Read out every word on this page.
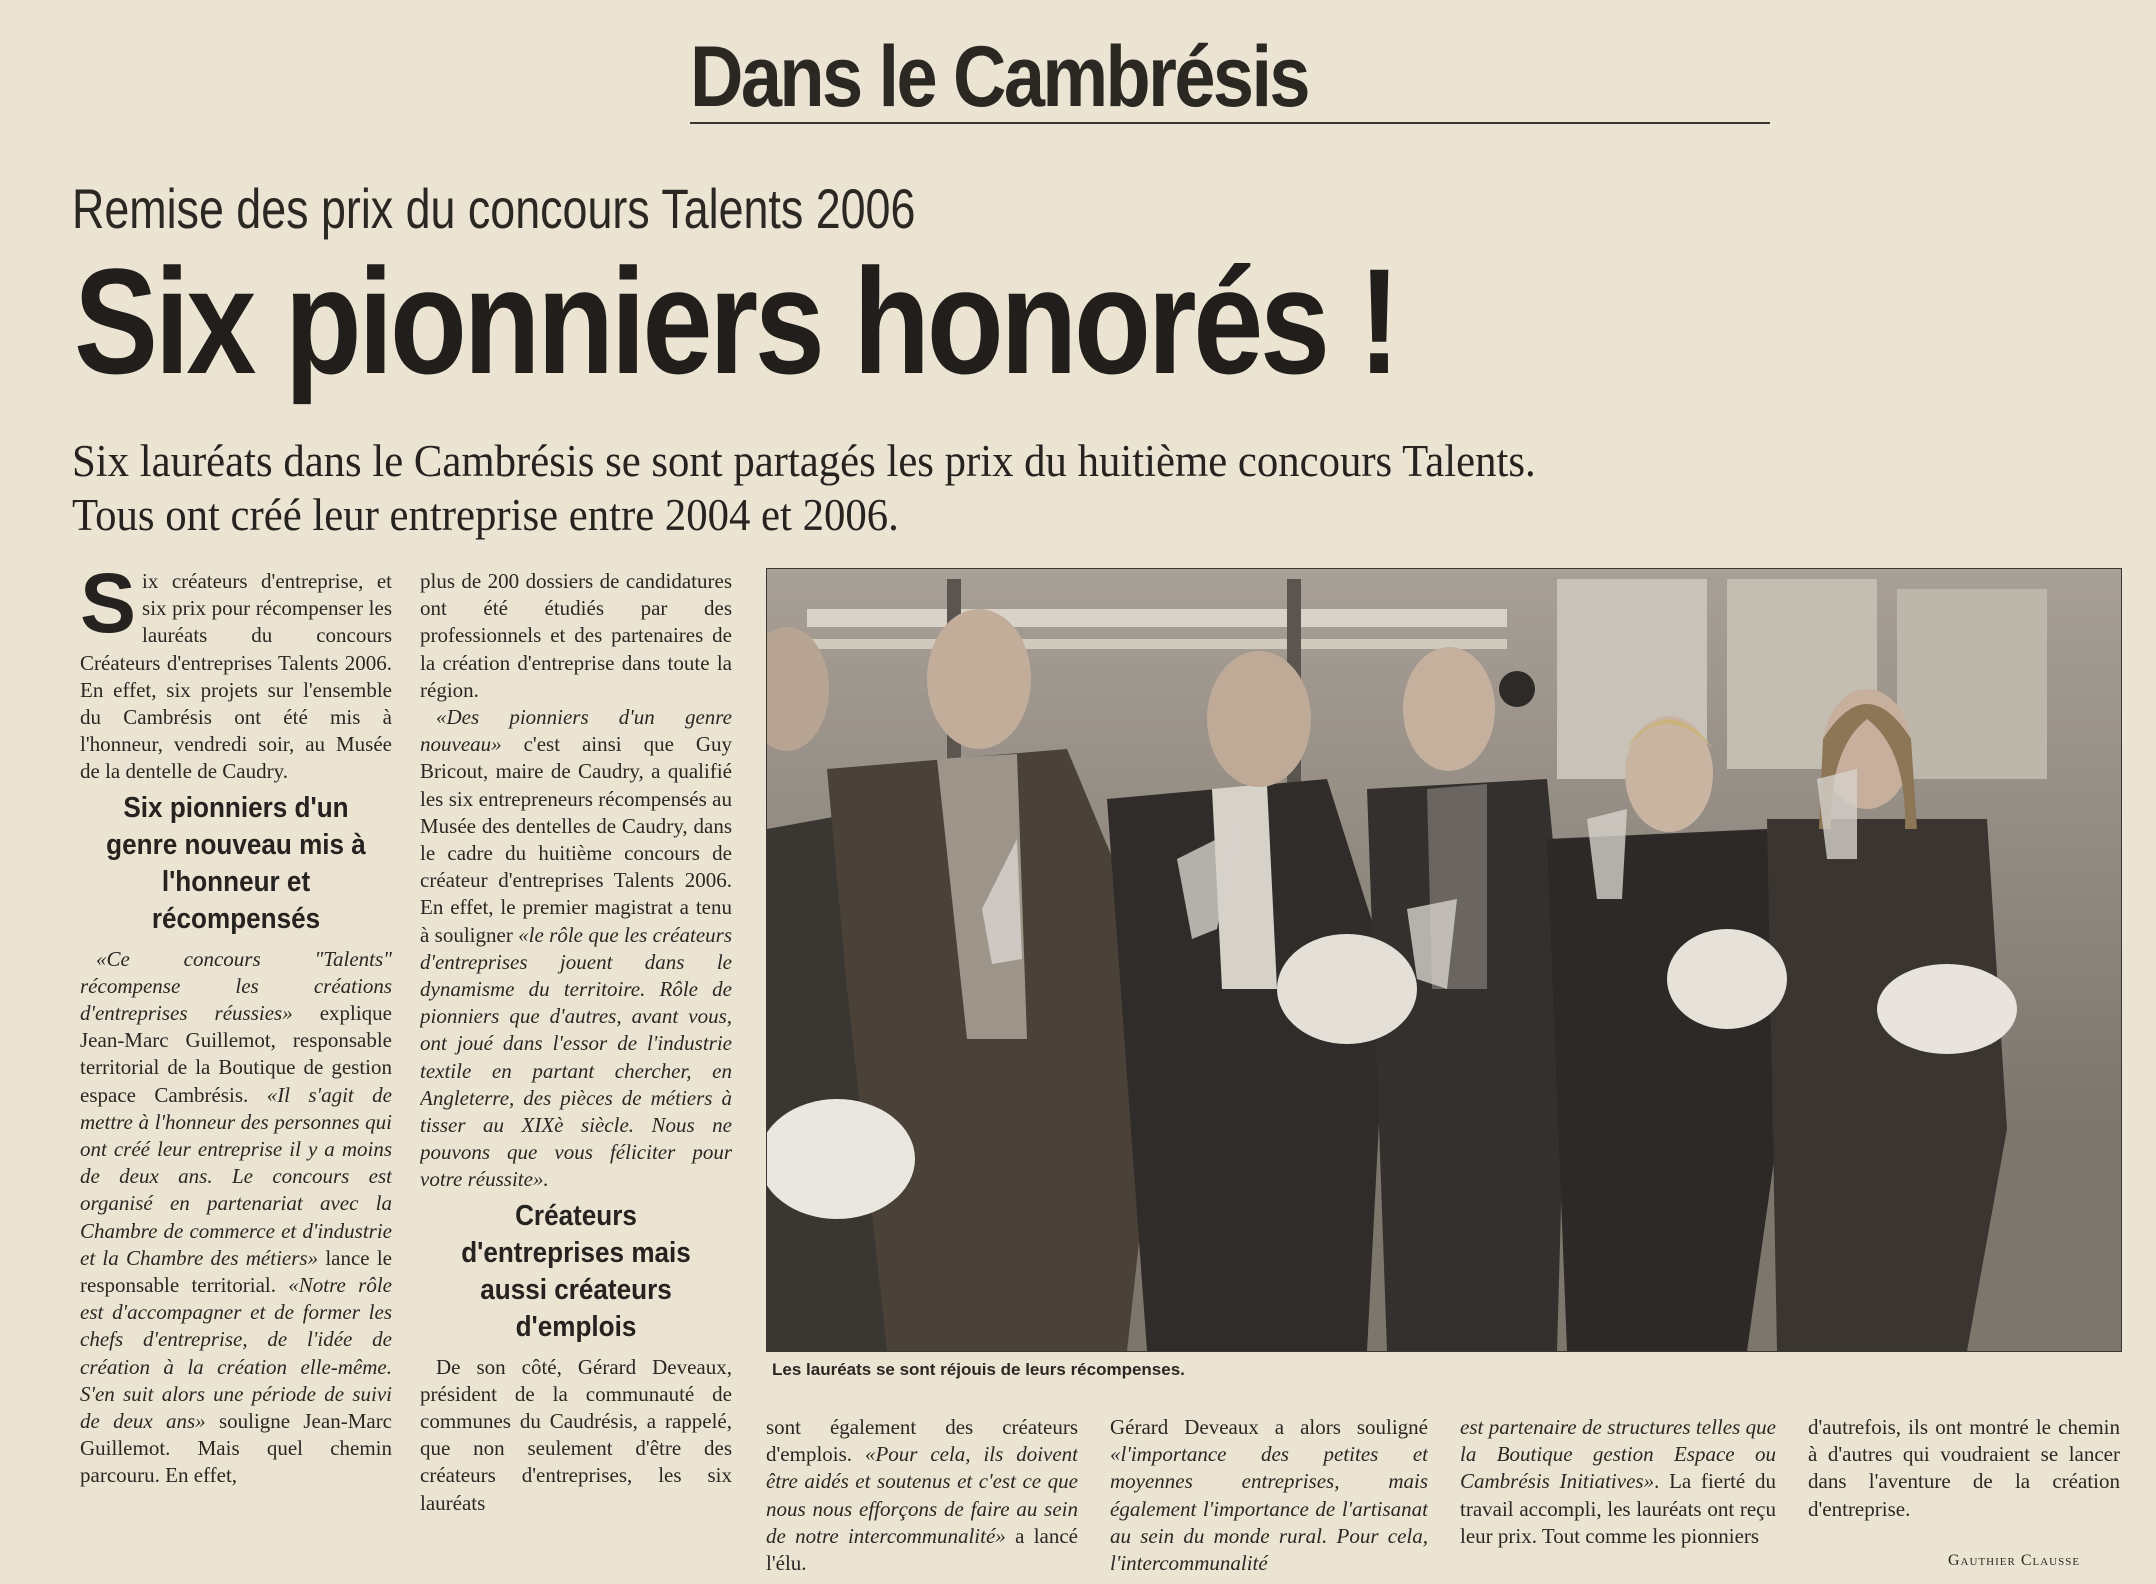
Dans le Cambrésis
Remise des prix du concours Talents 2006
Six pionniers honorés !
Six lauréats dans le Cambrésis se sont partagés les prix du huitième concours Talents.
Tous ont créé leur entreprise entre 2004 et 2006.

Six créateurs d'entreprise, et six prix pour récompenser les lauréats du concours Créateurs d'entreprises Talents 2006. En effet, six projets sur l'ensemble du Cambrésis ont été mis à l'honneur, vendredi soir, au Musée de la dentelle de Caudry.

Six pionniers d'un genre nouveau mis à l'honneur et récompensés

«Ce concours "Talents" récompense les créations d'entreprises réussies» explique Jean-Marc Guillemot, responsable territorial de la Boutique de gestion espace Cambrésis. «Il s'agit de mettre à l'honneur des personnes qui ont créé leur entreprise il y a moins de deux ans. Le concours est organisé en partenariat avec la Chambre de commerce et d'industrie et la Chambre des métiers» lance le responsable territorial. «Notre rôle est d'accompagner et de former les chefs d'entreprise, de l'idée de création à la création elle-même. S'en suit alors une période de suivi de deux ans» souligne Jean-Marc Guillemot. Mais quel chemin parcouru. En effet,

plus de 200 dossiers de candidatures ont été étudiés par des professionnels et des partenaires de la création d'entreprise dans toute la région.

«Des pionniers d'un genre nouveau» c'est ainsi que Guy Bricout, maire de Caudry, a qualifié les six entrepreneurs récompensés au Musée des dentelles de Caudry, dans le cadre du huitième concours de créateur d'entreprises Talents 2006. En effet, le premier magistrat a tenu à souligner «le rôle que les créateurs d'entreprises jouent dans le dynamisme du territoire. Rôle de pionniers que d'autres, avant vous, ont joué dans l'essor de l'industrie textile en partant chercher, en Angleterre, des pièces de métiers à tisser au XIXè siècle. Nous ne pouvons que vous féliciter pour votre réussite».

Créateurs d'entreprises mais aussi créateurs d'emplois

De son côté, Gérard Deveaux, président de la communauté de communes du Caudrésis, a rappelé, que non seulement d'être des créateurs d'entreprises, les six lauréats

Les lauréats se sont réjouis de leurs récompenses.

sont également des créateurs d'emplois. «Pour cela, ils doivent être aidés et soutenus et c'est ce que nous nous efforçons de faire au sein de notre intercommunalité» a lancé l'élu.

Gérard Deveaux a alors souligné «l'importance des petites et moyennes entreprises, mais également l'importance de l'artisanat au sein du monde rural. Pour cela, l'intercommunalité

est partenaire de structures telles que la Boutique gestion Espace ou Cambrésis Initiatives». La fierté du travail accompli, les lauréats ont reçu leur prix. Tout comme les pionniers

d'autrefois, ils ont montré le chemin à d'autres qui voudraient se lancer dans l'aventure de la création d'entreprise.

Gauthier Clausse
